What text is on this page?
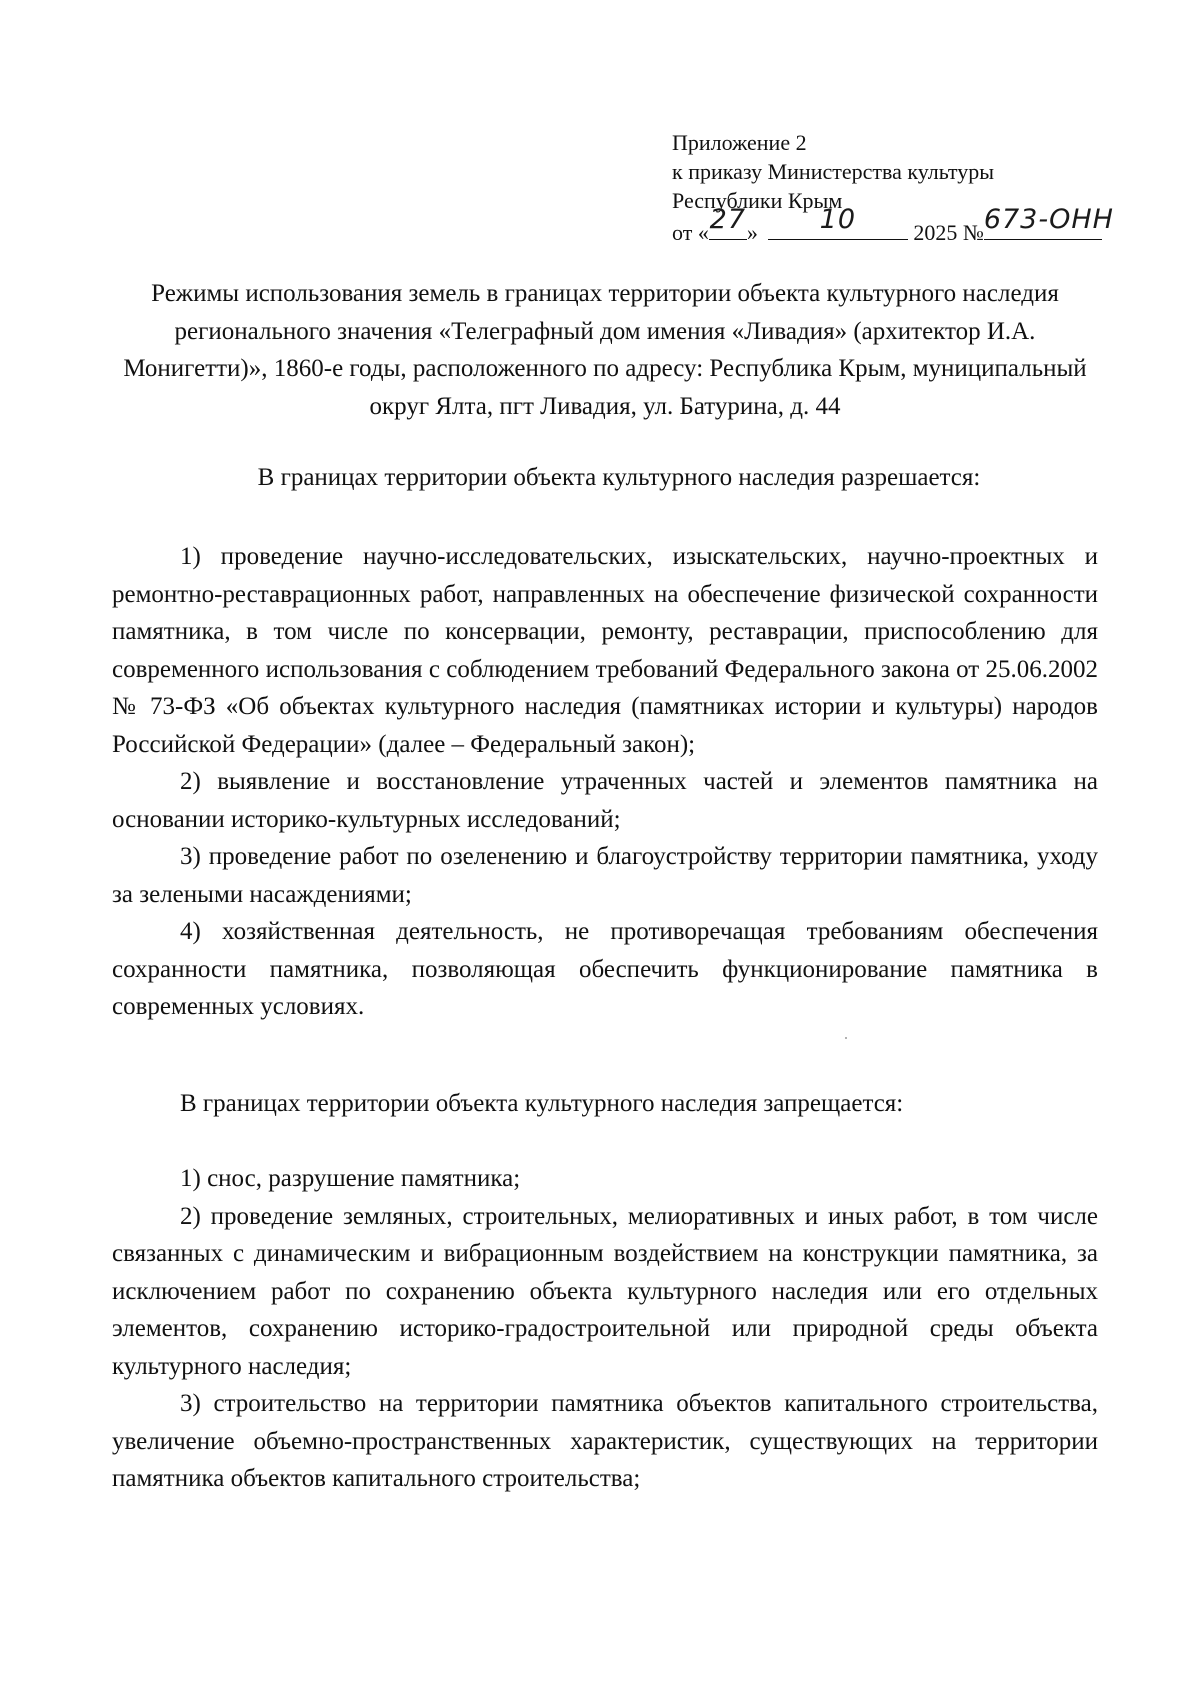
Приложение 2
к приказу Министерства культуры
Республики Крым
от « 27 »	10	2025 № 673-ОНН
Режимы использования земель в границах территории объекта культурного наследия регионального значения «Телеграфный дом имения «Ливадия» (архитектор И.А. Монигетти)», 1860-е годы, расположенного по адресу: Республика Крым, муниципальный округ Ялта, пгт Ливадия, ул. Батурина, д. 44
В границах территории объекта культурного наследия разрешается:

1) проведение научно-исследовательских, изыскательских, научно-проектных и ремонтно-реставрационных работ, направленных на обеспечение физической сохранности памятника, в том числе по консервации, ремонту, реставрации, приспособлению для современного использования с соблюдением требований Федерального закона от 25.06.2002 № 73-ФЗ «Об объектах культурного наследия (памятниках истории и культуры) народов Российской Федерации» (далее – Федеральный закон);

2) выявление и восстановление утраченных частей и элементов памятника на основании историко-культурных исследований;

3) проведение работ по озеленению и благоустройству территории памятника, уходу за зелеными насаждениями;

4) хозяйственная деятельность, не противоречащая требованиям обеспечения сохранности памятника, позволяющая обеспечить функционирование памятника в современных условиях.

В границах территории объекта культурного наследия запрещается:

1) снос, разрушение памятника;

2) проведение земляных, строительных, мелиоративных и иных работ, в том числе связанных с динамическим и вибрационным воздействием на конструкции памятника, за исключением работ по сохранению объекта культурного наследия или его отдельных элементов, сохранению историко-градостроительной или природной среды объекта культурного наследия;

3) строительство на территории памятника объектов капитального строительства, увеличение объемно-пространственных характеристик, существующих на территории памятника объектов капитального строительства;
